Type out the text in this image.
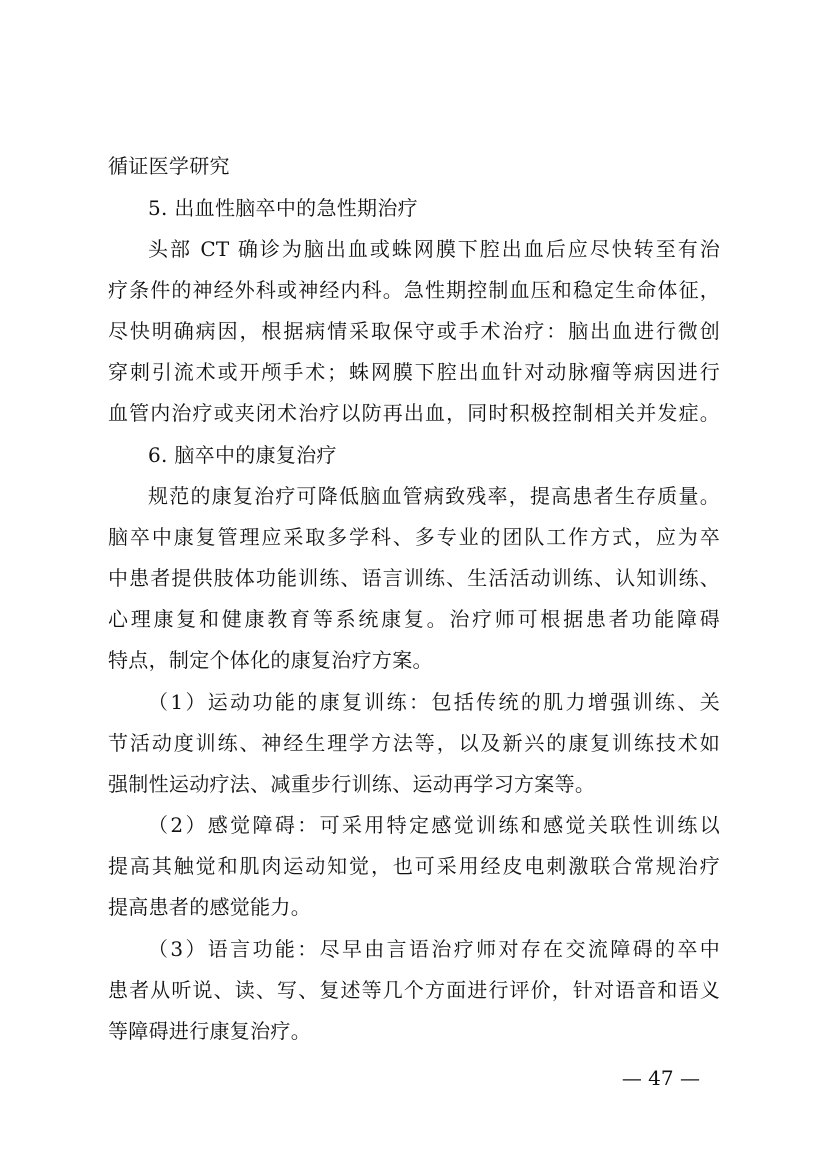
循证医学研究
5. 出血性脑卒中的急性期治疗
头部 CT 确诊为脑出血或蛛网膜下腔出血后应尽快转至有治
疗条件的神经外科或神经内科。急性期控制血压和稳定生命体征，
尽快明确病因，根据病情采取保守或手术治疗：脑出血进行微创
穿刺引流术或开颅手术；蛛网膜下腔出血针对动脉瘤等病因进行
血管内治疗或夹闭术治疗以防再出血，同时积极控制相关并发症。
6. 脑卒中的康复治疗
规范的康复治疗可降低脑血管病致残率，提高患者生存质量。
脑卒中康复管理应采取多学科、多专业的团队工作方式，应为卒
中患者提供肢体功能训练、语言训练、生活活动训练、认知训练、
心理康复和健康教育等系统康复。治疗师可根据患者功能障碍
特点，制定个体化的康复治疗方案。
（1）运动功能的康复训练：包括传统的肌力增强训练、关
节活动度训练、神经生理学方法等，以及新兴的康复训练技术如
强制性运动疗法、减重步行训练、运动再学习方案等。
（2）感觉障碍：可采用特定感觉训练和感觉关联性训练以
提高其触觉和肌肉运动知觉，也可采用经皮电刺激联合常规治疗
提高患者的感觉能力。
（3）语言功能：尽早由言语治疗师对存在交流障碍的卒中
患者从听说、读、写、复述等几个方面进行评价，针对语音和语义
等障碍进行康复治疗。
— 47 —
